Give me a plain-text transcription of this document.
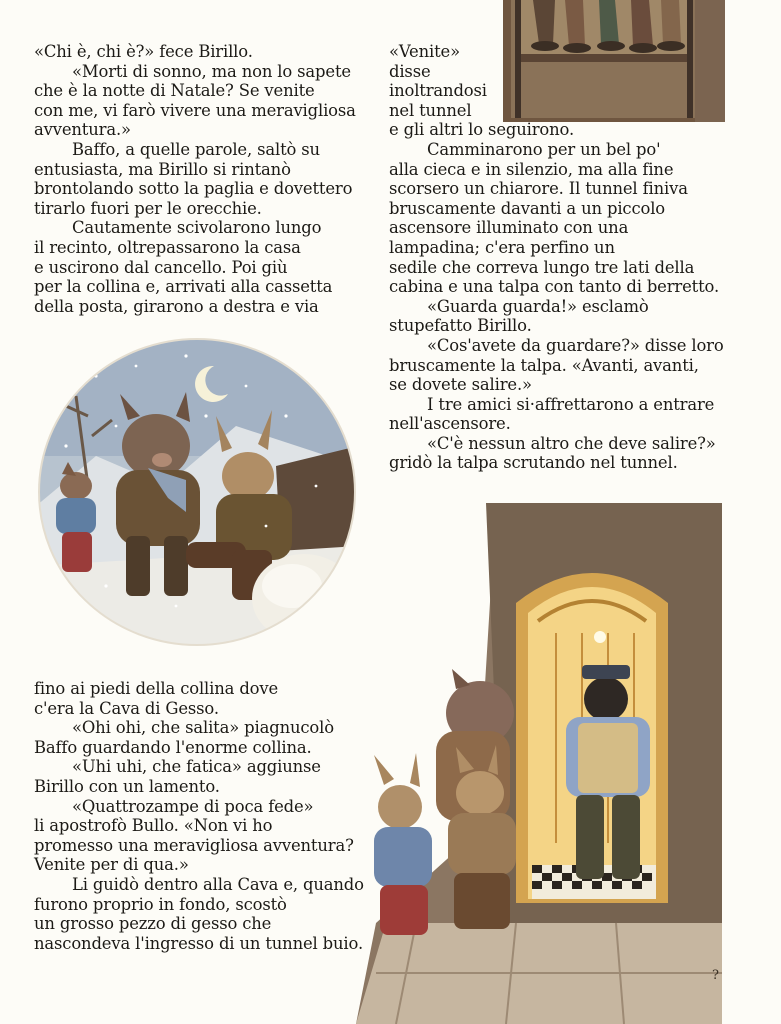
«Chi è, chi è?» fece Birillo.

«Morti di sonno, ma non lo sapete

che è la notte di Natale? Se venite

con me, vi farò vivere una meravigliosa

avventura.»

Baffo, a quelle parole, saltò su

entusiasta, ma Birillo si rintanò

brontolando sotto la paglia e dovettero

tirarlo fuori per le orecchie.

Cautamente scivolarono lungo

il recinto, oltrepassarono la casa

e uscirono dal cancello. Poi giù

per la collina e, arrivati alla cassetta

della posta, girarono a destra e via

«Venite»

disse

inoltrandosi

nel tunnel

e gli altri lo seguirono.

Camminarono per un bel po'

alla cieca e in silenzio, ma alla fine

scorsero un chiarore. Il tunnel finiva

bruscamente davanti a un piccolo

ascensore illuminato con una

lampadina; c'era perfino un

sedile che correva lungo tre lati della

cabina e una talpa con tanto di berretto.

«Guarda guarda!» esclamò

stupefatto Birillo.

«Cos'avete da guardare?» disse loro

bruscamente la talpa. «Avanti, avanti,

se dovete salire.»

I tre amici si·affrettarono a entrare

nell'ascensore.

«C'è nessun altro che deve salire?»

gridò la talpa scrutando nel tunnel.

fino ai piedi della collina dove

c'era la Cava di Gesso.

«Ohi ohi, che salita» piagnucolò

Baffo guardando l'enorme collina.

«Uhi uhi, che fatica» aggiunse

Birillo con un lamento.

«Quattrozampe di poca fede»

li apostrofò Bullo. «Non vi ho

promesso una meravigliosa avventura?

Venite per di qua.»

Li guidò dentro alla Cava e, quando

furono proprio in fondo, scostò

un grosso pezzo di gesso che

nascondeva l'ingresso di un tunnel buio.

?
